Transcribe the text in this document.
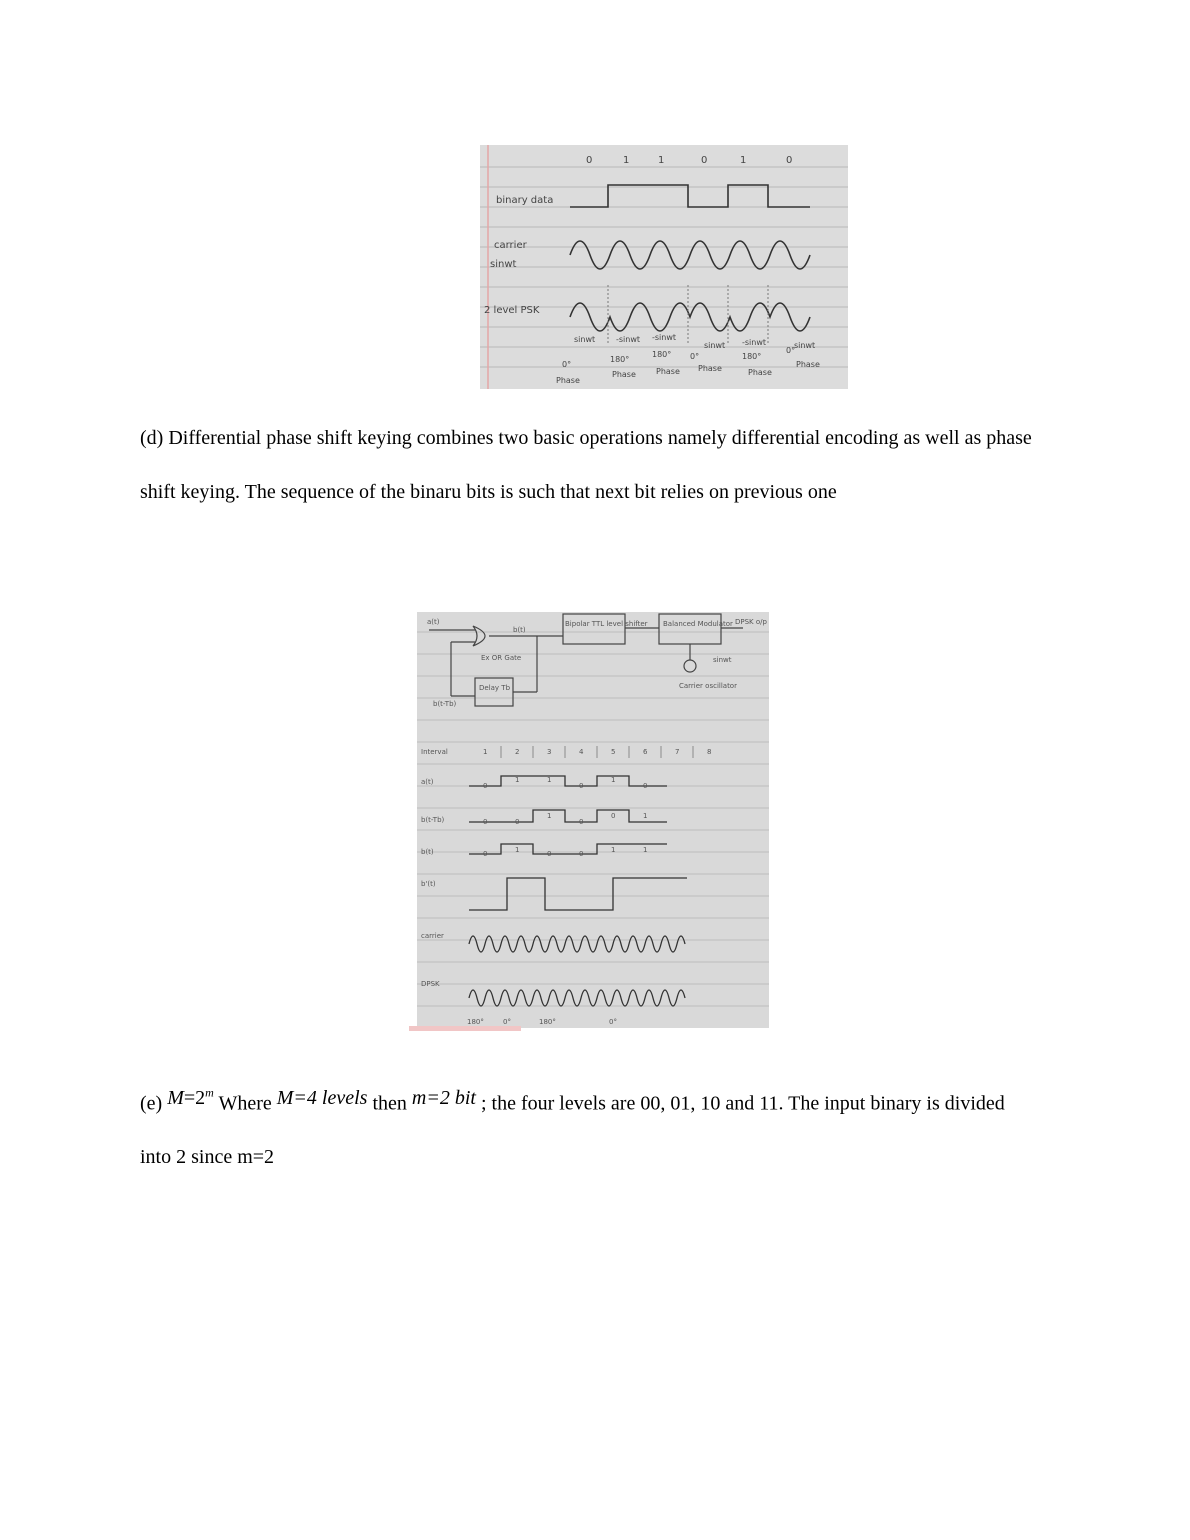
0	1	1	0	1	0
binary data
carrier
sinwt
2 level PSK
sinwt	-sinwt -sinwt
sinwt -sinwt	sinwt
0°
180°
180° 0°	180°
0°
Phase
Phase	Phase Phase	Phase
Phase

(d) Differential phase shift keying combines two basic operations namely differential encoding as well as phase shift keying. The sequence of the binaru bits is such that next bit relies on previous one

a(t)
b(t)
Ex OR Gate
Delay Tb
b(t-Tb)
Bipolar TTL level shifter Balanced Modulator DPSK o/p
sinwt
Carrier oscillator
Interval
a(t)
b(t-Tb)
b(t)
b'(t)
carrier
DPSK
1	2	3	4	5	6	7	8
0
1	1
0
1
0
0	0
1
0
0	1
0	1	0	0	1	1
180°	0°	180°	0°

(e) $M=2^m$ Where M=4 levels then m=2 bit ; the four levels are 00, 01, 10 and 11. The input binary is divided into 2 since m=2
